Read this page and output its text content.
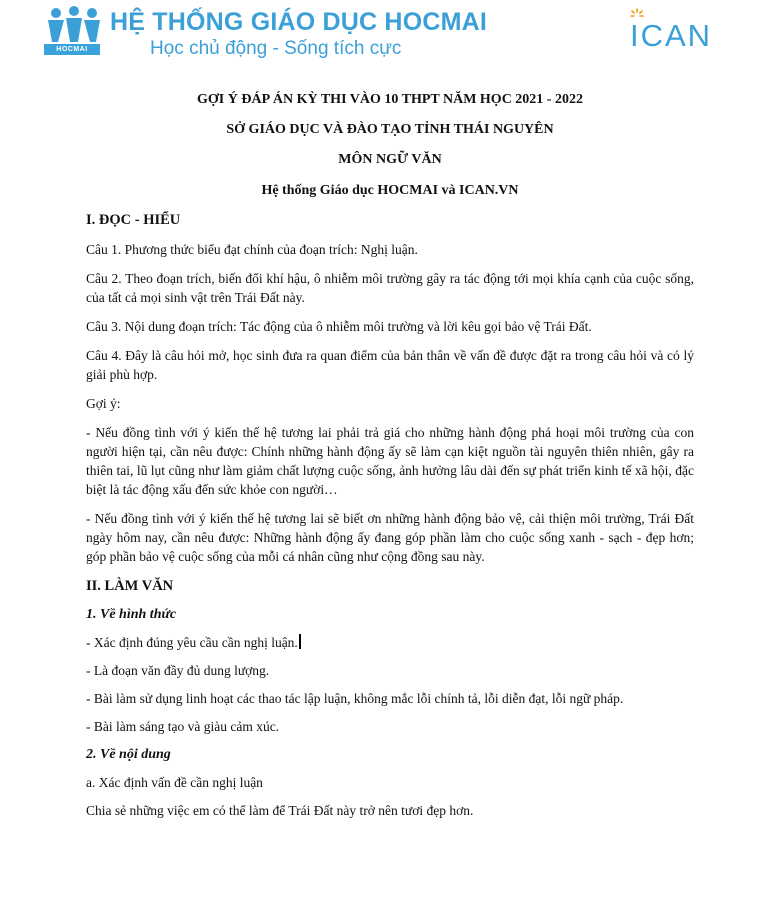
HOCMAI
HỆ THỐNG GIÁO DỤC HOCMAI
Học chủ động - Sống tích cực	ICAN

GỢI Ý ĐÁP ÁN KỲ THI VÀO 10 THPT NĂM HỌC 2021 - 2022

SỞ GIÁO DỤC VÀ ĐÀO TẠO TỈNH THÁI NGUYÊN

MÔN NGỮ VĂN

Hệ thống Giáo dục HOCMAI và ICAN.VN

I. ĐỌC - HIỂU

Câu 1. Phương thức biểu đạt chính của đoạn trích: Nghị luận.

Câu 2. Theo đoạn trích, biến đổi khí hậu, ô nhiễm môi trường gây ra tác động tới mọi khía cạnh của cuộc sống, của tất cả mọi sinh vật trên Trái Đất này.

Câu 3. Nội dung đoạn trích: Tác động của ô nhiễm môi trường và lời kêu gọi bảo vệ Trái Đất.

Câu 4. Đây là câu hỏi mở, học sinh đưa ra quan điểm của bản thân về vấn đề được đặt ra trong câu hỏi và có lý giải phù hợp.

Gợi ý:

- Nếu đồng tình với ý kiến thế hệ tương lai phải trả giá cho những hành động phá hoại môi trường của con người hiện tại, cần nêu được: Chính những hành động ấy sẽ làm cạn kiệt nguồn tài nguyên thiên nhiên, gây ra thiên tai, lũ lụt cũng như làm giảm chất lượng cuộc sống, ảnh hưởng lâu dài đến sự phát triển kinh tế xã hội, đặc biệt là tác động xấu đến sức khỏe con người…

- Nếu đồng tình với ý kiến thế hệ tương lai sẽ biết ơn những hành động bảo vệ, cải thiện môi trường, Trái Đất ngày hôm nay, cần nêu được: Những hành động ấy đang góp phần làm cho cuộc sống xanh - sạch - đẹp hơn; góp phần bảo vệ cuộc sống của mỗi cá nhân cũng như cộng đồng sau này.

II. LÀM VĂN

1. Về hình thức

- Xác định đúng yêu cầu cần nghị luận.

- Là đoạn văn đầy đủ dung lượng.

- Bài làm sử dụng linh hoạt các thao tác lập luận, không mắc lỗi chính tả, lỗi diễn đạt, lỗi ngữ pháp.

- Bài làm sáng tạo và giàu cảm xúc.

2. Về nội dung

a. Xác định vấn đề cần nghị luận

Chia sẻ những việc em có thể làm để Trái Đất này trở nên tươi đẹp hơn.
